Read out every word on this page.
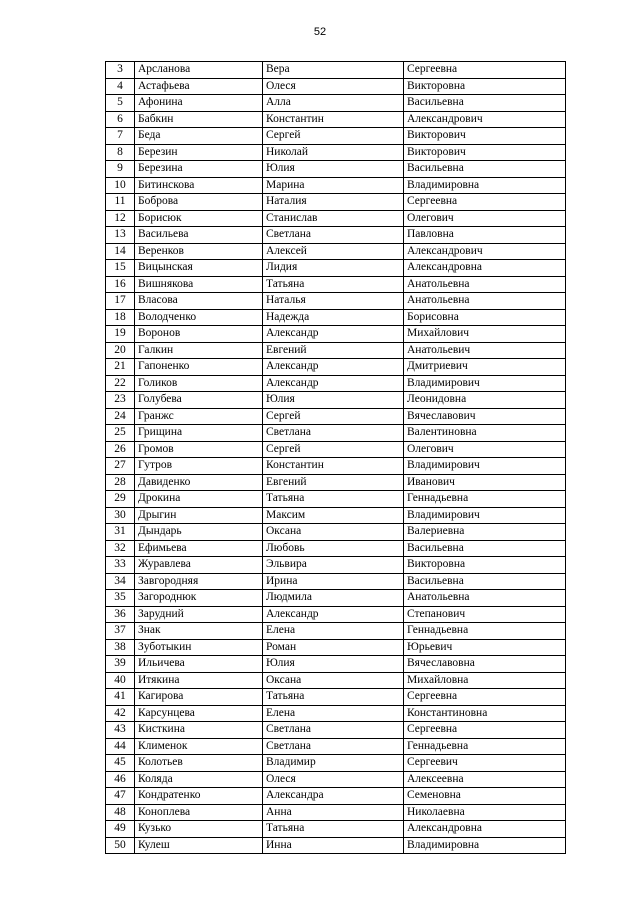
52
3	Арсланова	Вера	Сергеевна
4	Астафьева	Олеся	Викторовна
5	Афонина	Алла	Васильевна
6	Бабкин	Константин	Александрович
7	Беда	Сергей	Викторович
8	Березин	Николай	Викторович
9	Березина	Юлия	Васильевна
10	Битинскова	Марина	Владимировна
11	Боброва	Наталия	Сергеевна
12	Борисюк	Станислав	Олегович
13	Васильева	Светлана	Павловна
14	Веренков	Алексей	Александрович
15	Вицынская	Лидия	Александровна
16	Вишнякова	Татьяна	Анатольевна
17	Власова	Наталья	Анатольевна
18	Володченко	Надежда	Борисовна
19	Воронов	Александр	Михайлович
20	Галкин	Евгений	Анатольевич
21	Гапоненко	Александр	Дмитриевич
22	Голиков	Александр	Владимирович
23	Голубева	Юлия	Леонидовна
24	Гранжс	Сергей	Вячеславович
25	Грищина	Светлана	Валентиновна
26	Громов	Сергей	Олегович
27	Гутров	Константин	Владимирович
28	Давиденко	Евгений	Иванович
29	Дрокина	Татьяна	Геннадьевна
30	Дрыгин	Максим	Владимирович
31	Дындарь	Оксана	Валериевна
32	Ефимьева	Любовь	Васильевна
33	Журавлева	Эльвира	Викторовна
34	Завгородняя	Ирина	Васильевна
35	Загороднюк	Людмила	Анатольевна
36	Зарудний	Александр	Степанович
37	Знак	Елена	Геннадьевна
38	Зуботыкин	Роман	Юрьевич
39	Ильичева	Юлия	Вячеславовна
40	Итякина	Оксана	Михайловна
41	Кагирова	Татьяна	Сергеевна
42	Карсунцева	Елена	Константиновна
43	Кисткина	Светлана	Сергеевна
44	Клименок	Светлана	Геннадьевна
45	Колотьев	Владимир	Сергеевич
46	Коляда	Олеся	Алексеевна
47	Кондратенко	Александра	Семеновна
48	Коноплева	Анна	Николаевна
49	Кузько	Татьяна	Александровна
50	Кулеш	Инна	Владимировна
